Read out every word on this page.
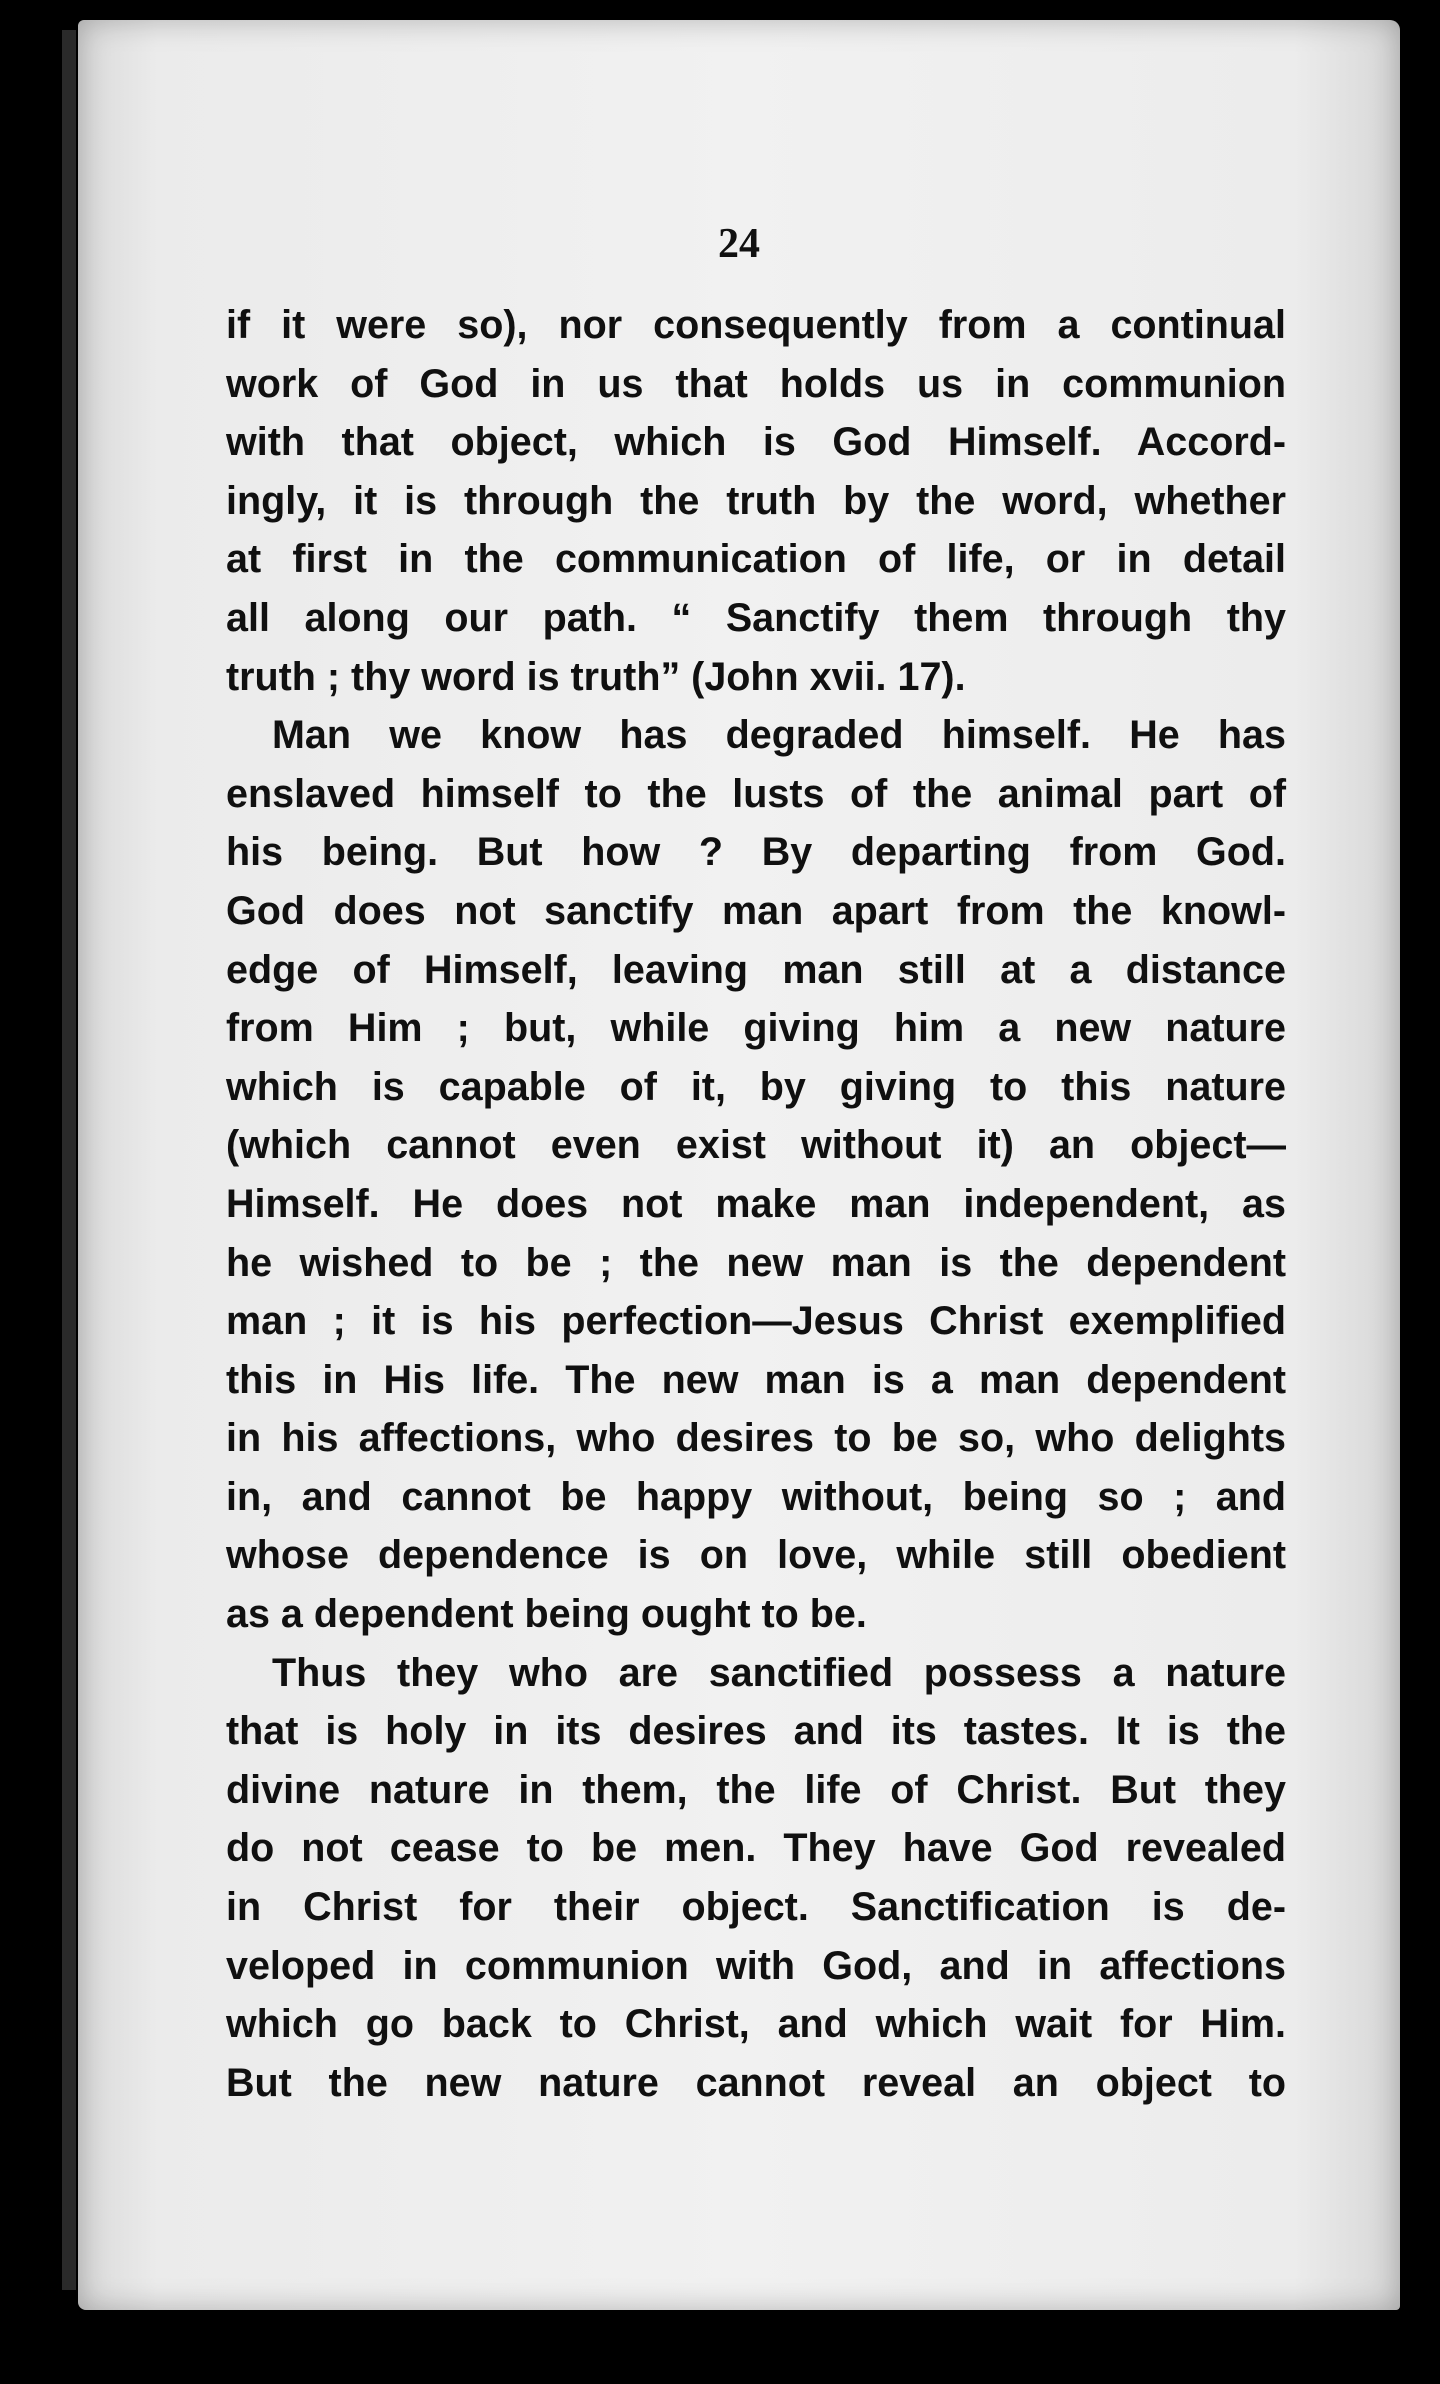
24
if it were so), nor consequently from a continual
work of God in us that holds us in communion
with that object, which is God Himself. Accord-
ingly, it is through the truth by the word, whether
at first in the communication of life, or in detail
all along our path. “ Sanctify them through thy
truth ; thy word is truth” (John xvii. 17).
Man we know has degraded himself. He has
enslaved himself to the lusts of the animal part of
his being. But how ? By departing from God.
God does not sanctify man apart from the knowl-
edge of Himself, leaving man still at a distance
from Him ; but, while giving him a new nature
which is capable of it, by giving to this nature
(which cannot even exist without it) an object—
Himself. He does not make man independent, as
he wished to be ; the new man is the dependent
man ; it is his perfection—Jesus Christ exemplified
this in His life. The new man is a man dependent
in his affections, who desires to be so, who delights
in, and cannot be happy without, being so ; and
whose dependence is on love, while still obedient
as a dependent being ought to be.
Thus they who are sanctified possess a nature
that is holy in its desires and its tastes. It is the
divine nature in them, the life of Christ. But they
do not cease to be men. They have God revealed
in Christ for their object. Sanctification is de-
veloped in communion with God, and in affections
which go back to Christ, and which wait for Him.
But the new nature cannot reveal an object to
